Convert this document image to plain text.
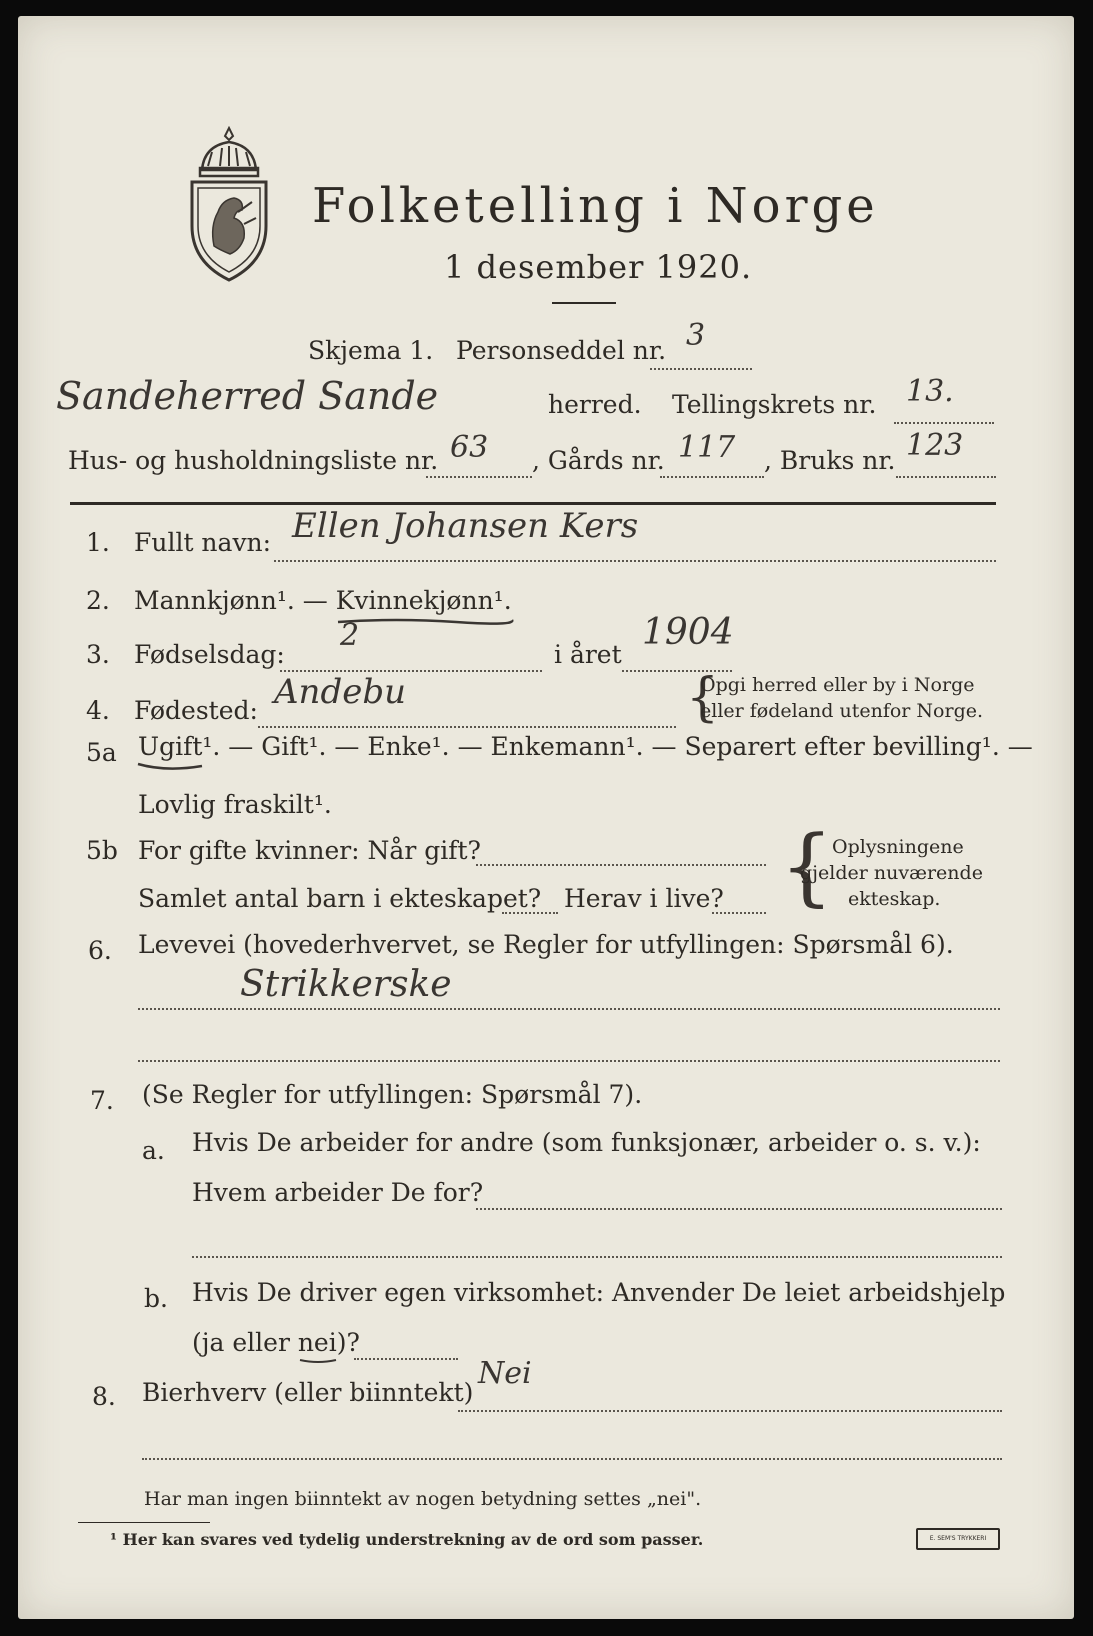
Folketelling i Norge
1 desember 1920.
Skjema 1. Personseddel nr. 3
Sandeherred Sande	herred. Tellingskrets nr. 13.
Hus- og husholdningsliste nr. 63 , Gårds nr. 117 , Bruks nr. 123
1. Fullt navn: Ellen Johansen Kers
2. Mannkjønn¹. — Kvinnekjønn¹.
3. Fødselsdag:
2
i året
1904
4. Fødested: Andebu	{
Opgi herred eller by i Norge
eller fødeland utenfor Norge.
5a Ugift¹. — Gift¹. — Enke¹. — Enkemann¹. — Separert efter bevilling¹. —
Lovlig fraskilt¹.
5b For gifte kvinner: Når gift?
Samlet antal barn i ekteskapet? Herav i live? {
Oplysningene
gjelder nuværende
ekteskap.
6. Levevei (hovederhvervet, se Regler for utfyllingen: Spørsmål 6).
Strikkerske
7. (Se Regler for utfyllingen: Spørsmål 7).
a. Hvis De arbeider for andre (som funksjonær, arbeider o. s. v.):
Hvem arbeider De for?
b. Hvis De driver egen virksomhet: Anvender De leiet arbeidshjelp
(ja eller nei)?
8. Bierhverv (eller biinntekt)
Nei
Har man ingen biinntekt av nogen betydning settes „nei".
¹ Her kan svares ved tydelig understrekning av de ord som passer.	E. SEM'S TRYKKERI
